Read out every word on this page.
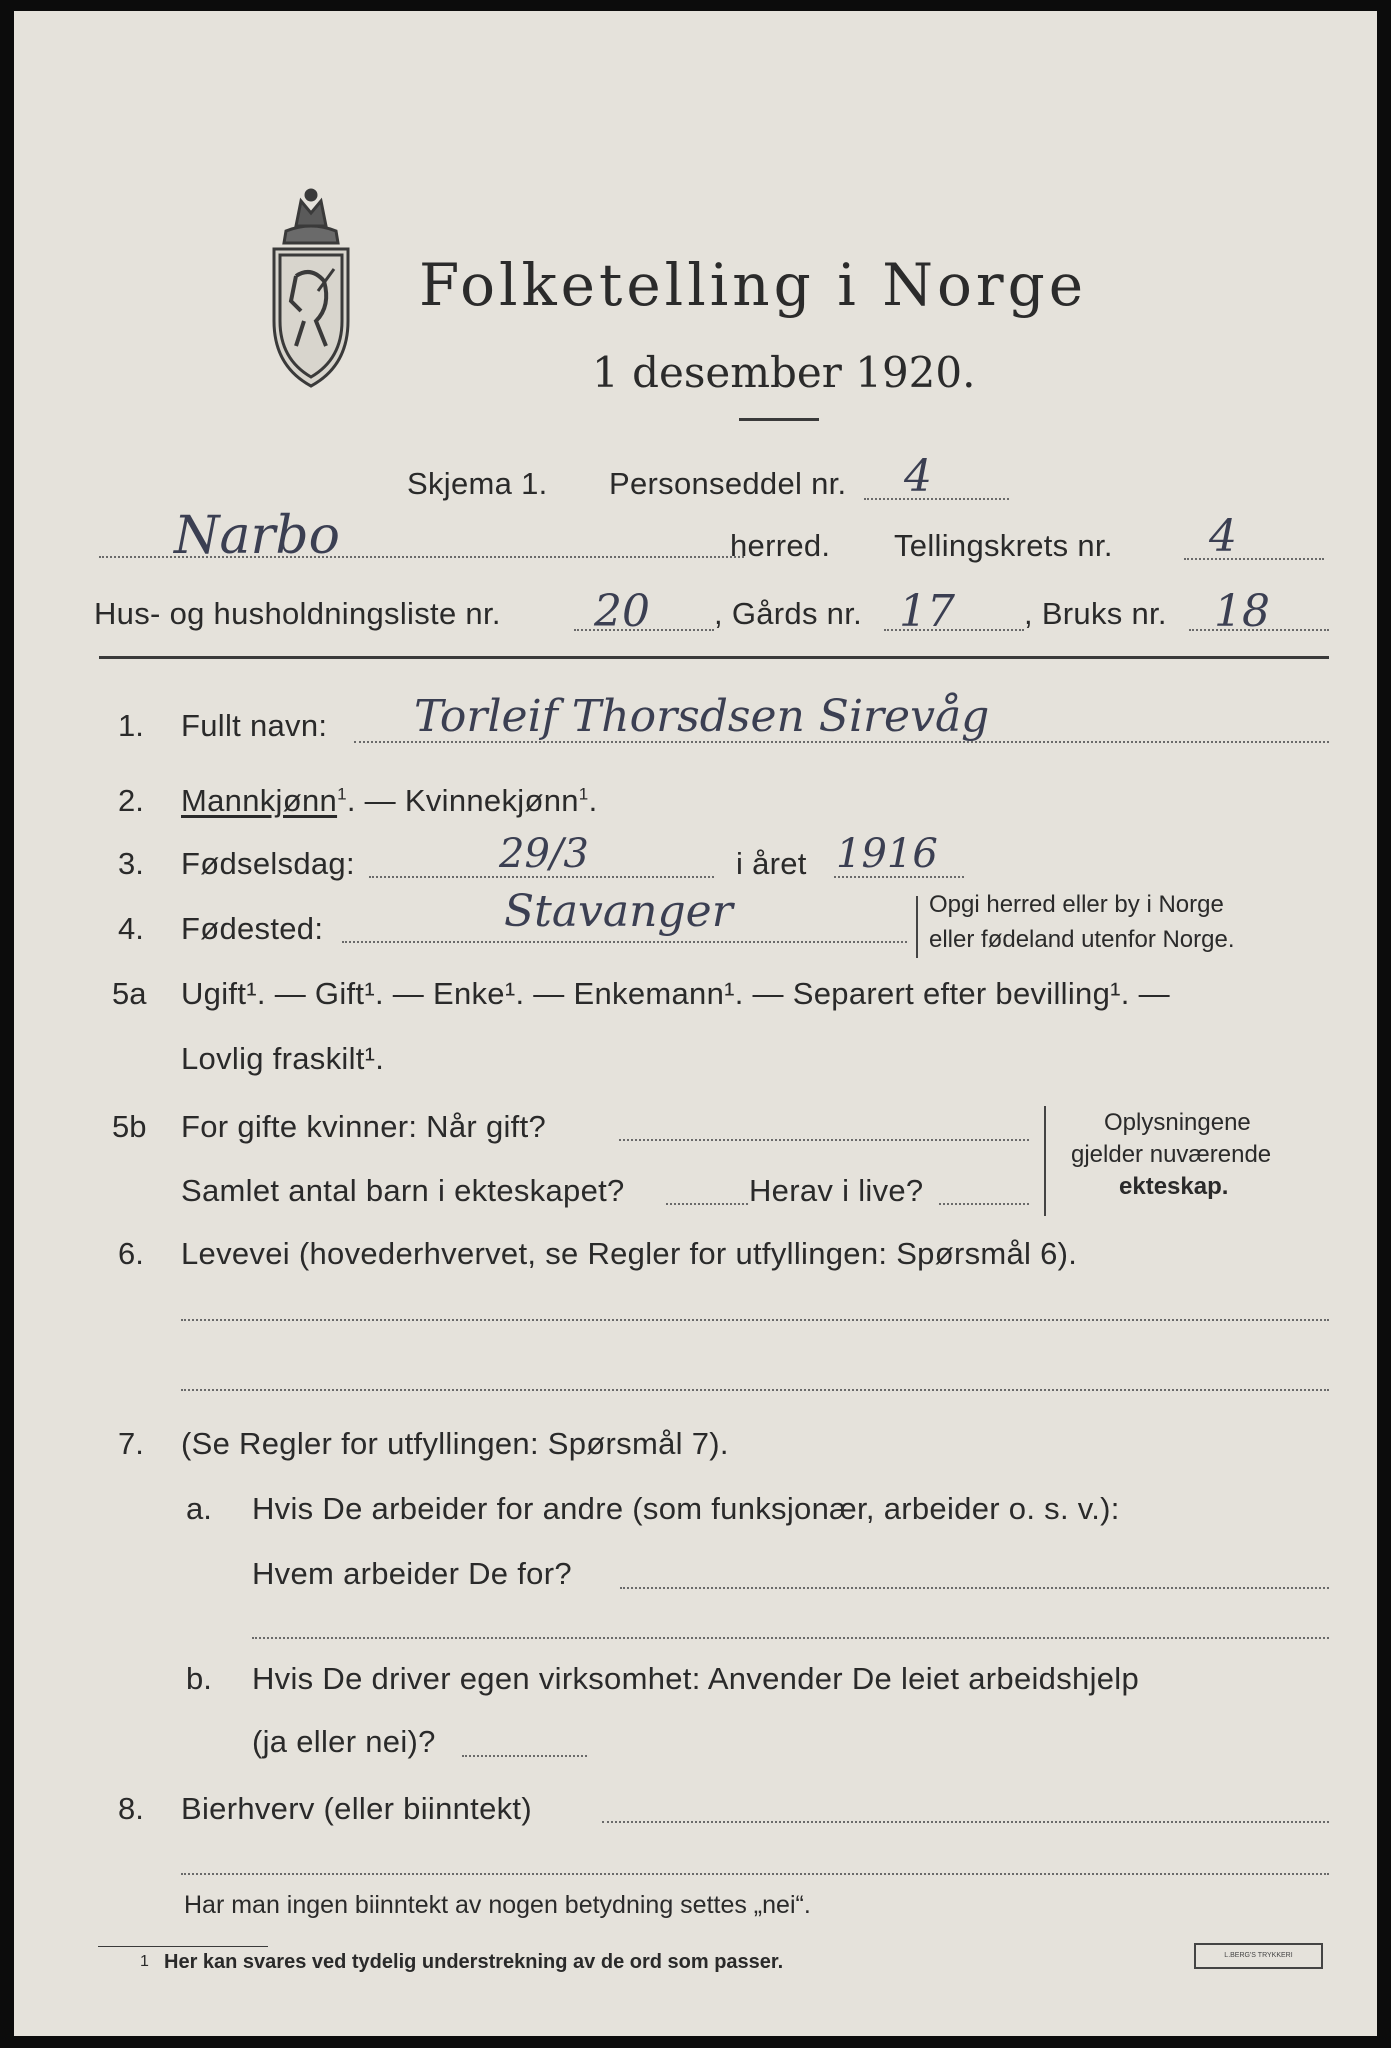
Folketelling i Norge
1 desember 1920.
Skjema 1. Personseddel nr. 4
Narbo	herred. Tellingskrets nr. 4
Hus- og husholdningsliste nr. 20 , Gårds nr. 17 , Bruks nr. 18
1. Fullt navn: Torleif Thorsdsen Sirevåg
2. Mannkjønn$^1$. — Kvinnekjønn$^1$.
3. Fødselsdag:	29/3	i året 1916
4. Fødested:	Stavanger	Opgi herred eller by i Norge
eller fødeland utenfor Norge.
5a Ugift¹. — Gift¹. — Enke¹. — Enkemann¹. — Separert efter bevilling¹. —
Lovlig fraskilt¹.
5b For gifte kvinner: Når gift?
Samlet antal barn i ekteskapet?	Herav i live?
Oplysningene
gjelder nuværende
ekteskap.
6. Levevei (hovederhvervet, se Regler for utfyllingen: Spørsmål 6).
7. (Se Regler for utfyllingen: Spørsmål 7).
a. Hvis De arbeider for andre (som funksjonær, arbeider o. s. v.):
Hvem arbeider De for?
b. Hvis De driver egen virksomhet: Anvender De leiet arbeidshjelp
(ja eller nei)?
8. Bierhverv (eller biinntekt)
Har man ingen biinntekt av nogen betydning settes „nei“.
1 Her kan svares ved tydelig understrekning av de ord som passer.	L.BERG'S TRYKKERI
